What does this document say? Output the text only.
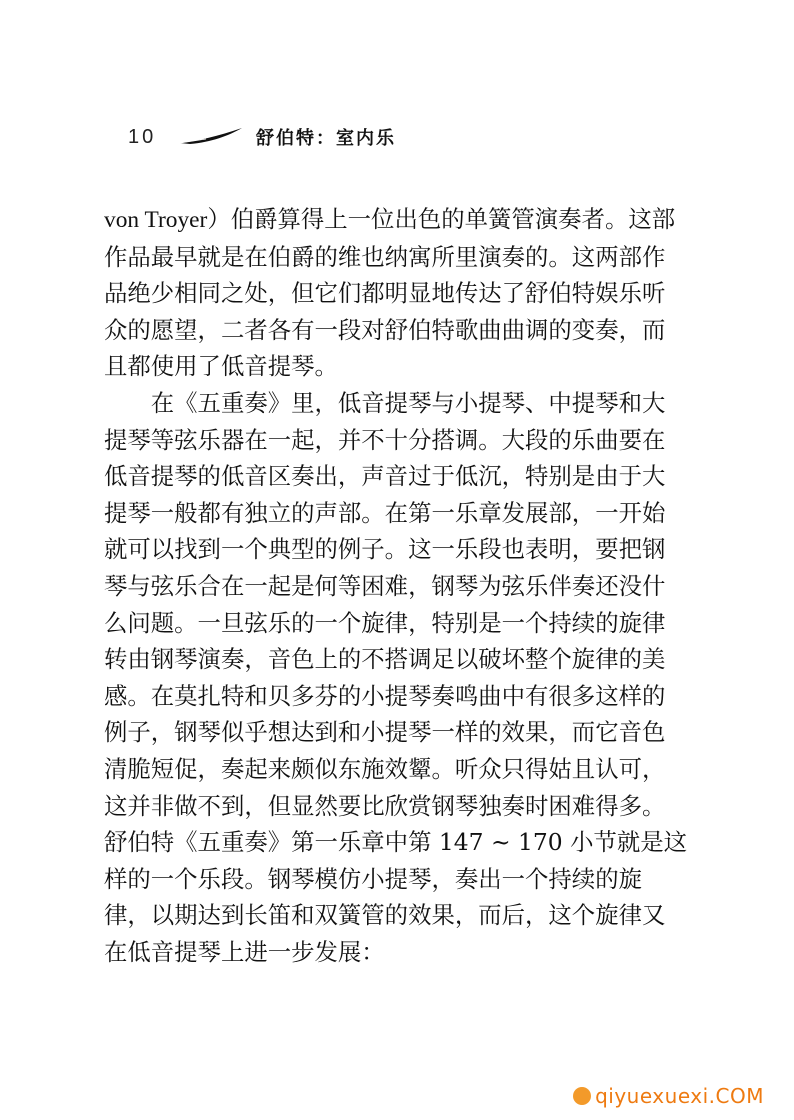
10	舒伯特：室内乐
von Troyer）伯爵算得上一位出色的单簧管演奏者。这部
作品最早就是在伯爵的维也纳寓所里演奏的。这两部作
品绝少相同之处，但它们都明显地传达了舒伯特娱乐听
众的愿望，二者各有一段对舒伯特歌曲曲调的变奏，而
且都使用了低音提琴。
　　在《五重奏》里，低音提琴与小提琴、中提琴和大
提琴等弦乐器在一起，并不十分搭调。大段的乐曲要在
低音提琴的低音区奏出，声音过于低沉，特别是由于大
提琴一般都有独立的声部。在第一乐章发展部，一开始
就可以找到一个典型的例子。这一乐段也表明，要把钢
琴与弦乐合在一起是何等困难，钢琴为弦乐伴奏还没什
么问题。一旦弦乐的一个旋律，特别是一个持续的旋律
转由钢琴演奏，音色上的不搭调足以破坏整个旋律的美
感。在莫扎特和贝多芬的小提琴奏鸣曲中有很多这样的
例子，钢琴似乎想达到和小提琴一样的效果，而它音色
清脆短促，奏起来颇似东施效颦。听众只得姑且认可，
这并非做不到，但显然要比欣赏钢琴独奏时困难得多。
舒伯特《五重奏》第一乐章中第 147 ~ 170 小节就是这
样的一个乐段。钢琴模仿小提琴，奏出一个持续的旋
律，以期达到长笛和双簧管的效果，而后，这个旋律又
在低音提琴上进一步发展：
qiyuexuexi.COM
